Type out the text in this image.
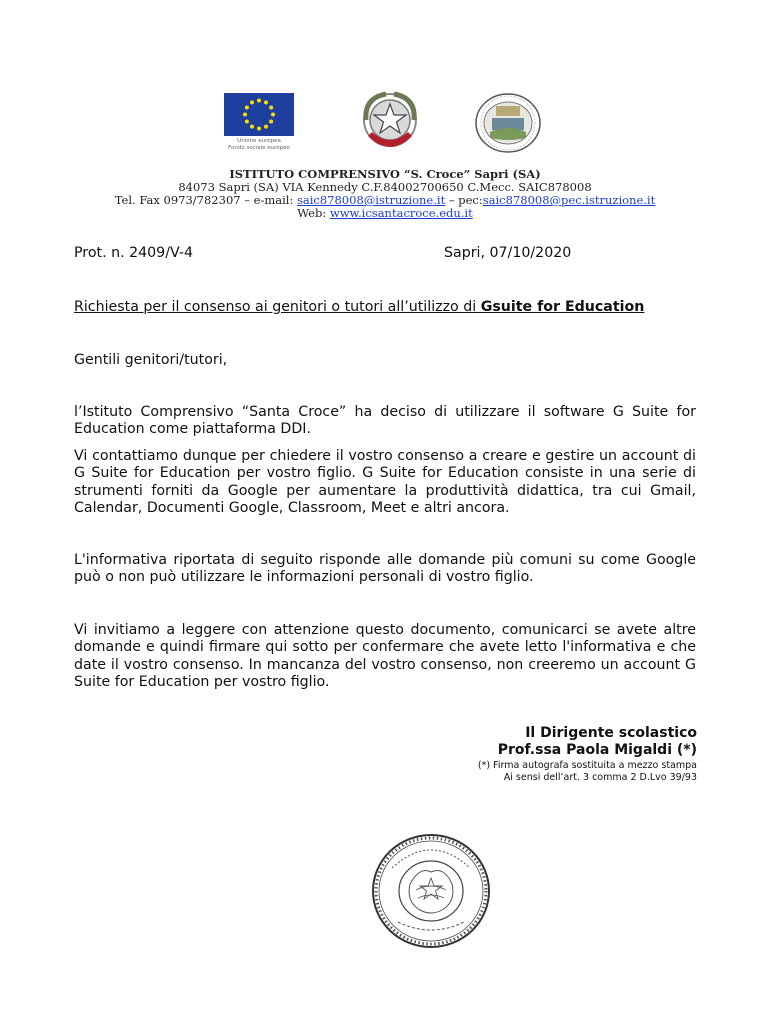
Unione europea
Fondo sociale europeo
ISTITUTO COMPRENSIVO “S. Croce” Sapri (SA)
84073 Sapri (SA) VIA Kennedy C.F.84002700650 C.Mecc. SAIC878008
Tel. Fax 0973/782307 – e-mail: saic878008@istruzione.it – pec:saic878008@pec.istruzione.it
Web: www.icsantacroce.edu.it
Prot. n. 2409/V-4	Sapri, 07/10/2020
Richiesta per il consenso ai genitori o tutori all’utilizzo di Gsuite for Education
Gentili genitori/tutori,
l’Istituto Comprensivo “Santa Croce” ha deciso di utilizzare il software G Suite for Education come piattaforma DDI.
Vi contattiamo dunque per chiedere il vostro consenso a creare e gestire un account di G Suite for Education per vostro figlio. G Suite for Education consiste in una serie di strumenti forniti da Google per aumentare la produttività didattica, tra cui Gmail, Calendar, Documenti Google, Classroom, Meet e altri ancora.
L'informativa riportata di seguito risponde alle domande più comuni su come Google può o non può utilizzare le informazioni personali di vostro figlio.
Vi invitiamo a leggere con attenzione questo documento, comunicarci se avete altre domande e quindi firmare qui sotto per confermare che avete letto l'informativa e che date il vostro consenso. In mancanza del vostro consenso, non creeremo un account G Suite for Education per vostro figlio.
Il Dirigente scolastico
Prof.ssa Paola Migaldi (*)
(*) Firma autografa sostituita a mezzo stampa
Ai sensi dell’art. 3 comma 2 D.Lvo 39/93
